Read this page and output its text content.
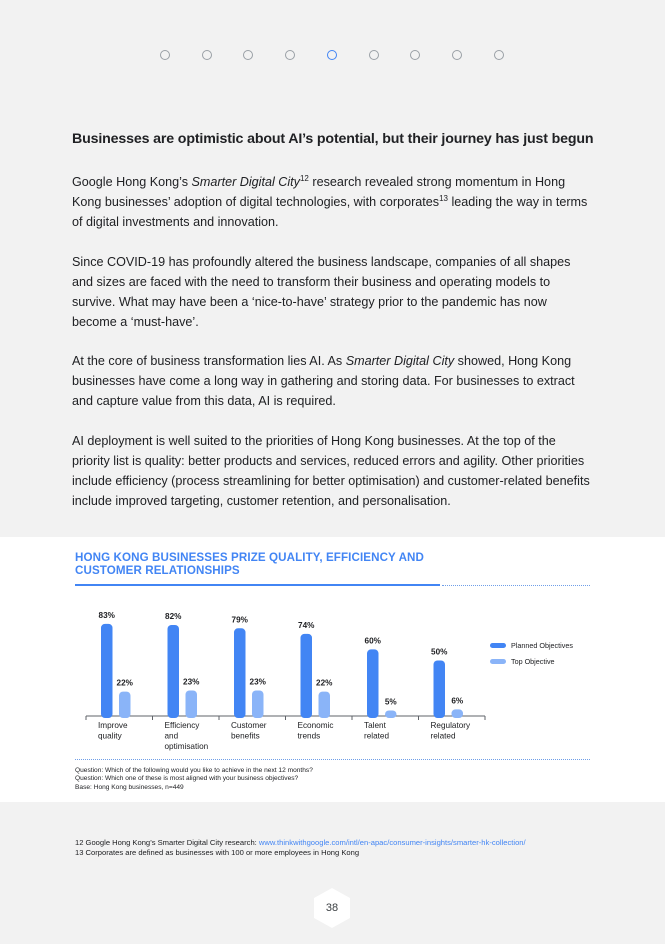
Businesses are optimistic about AI’s potential, but their journey has just begun
Google Hong Kong’s Smarter Digital City$^{12}$ research revealed strong momentum in Hong Kong businesses’ adoption of digital technologies, with corporates$^{13}$ leading the way in terms of digital investments and innovation.
Since COVID-19 has profoundly altered the business landscape, companies of all shapes and sizes are faced with the need to transform their business and operating models to survive. What may have been a ‘nice-to-have’ strategy prior to the pandemic has now become a ‘must-have’.
At the core of business transformation lies AI. As Smarter Digital City showed, Hong Kong businesses have come a long way in gathering and storing data. For businesses to extract and capture value from this data, AI is required.
AI deployment is well suited to the priorities of Hong Kong businesses. At the top of the priority list is quality: better products and services, reduced errors and agility. Other priorities include efficiency (process streamlining for better optimisation) and customer-related benefits include improved targeting, customer retention, and personalisation.
HONG KONG BUSINESSES PRIZE QUALITY, EFFICIENCY AND CUSTOMER RELATIONSHIPS
83%
22%
Improve
quality
82%
23%
Efficiency
and
optimisation
79%
23%
Customer
benefits
74%
22%
Economic
trends
60%
5%
Talent
related
50%
6%
Regulatory
related
Planned Objectives
Top Objective
Question: Which of the following would you like to achieve in the next 12 months?
Question: Which one of these is most aligned with your business objectives?
Base: Hong Kong businesses, n=449
12 Google Hong Kong’s Smarter Digital City research: www.thinkwithgoogle.com/intl/en-apac/consumer-insights/smarter-hk-collection/
13 Corporates are defined as businesses with 100 or more employees in Hong Kong
38
